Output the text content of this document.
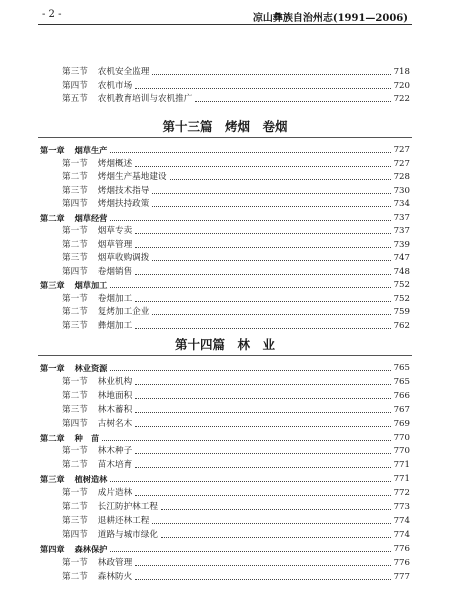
- 2 -	凉山彝族自治州志(1991—2006)
第三节 农机安全监理	718
第四节 农机市场	720
第五节 农机教育培训与农机推广	722
第十三篇　烤烟　卷烟
第一章 烟草生产	727
第一节 烤烟概述	727
第二节 烤烟生产基地建设	728
第三节 烤烟技术指导	730
第四节 烤烟扶持政策	734
第二章 烟草经营	737
第一节 烟草专卖	737
第二节 烟草管理	739
第三节 烟草收购调拨	747
第四节 卷烟销售	748
第三章 烟草加工	752
第一节 卷烟加工	752
第二节 复烤加工企业	759
第三节 彝烟加工	762
第十四篇　林　业
第一章 林业资源	765
第一节 林业机构	765
第二节 林地面积	766
第三节 林木蓄积	767
第四节 古树名木	769
第二章 种　苗	770
第一节 林木种子	770
第二节 苗木培育	771
第三章 植树造林	771
第一节 成片造林	772
第二节 长江防护林工程	773
第三节 退耕还林工程	774
第四节 道路与城市绿化	774
第四章 森林保护	776
第一节 林政管理	776
第二节 森林防火	777
